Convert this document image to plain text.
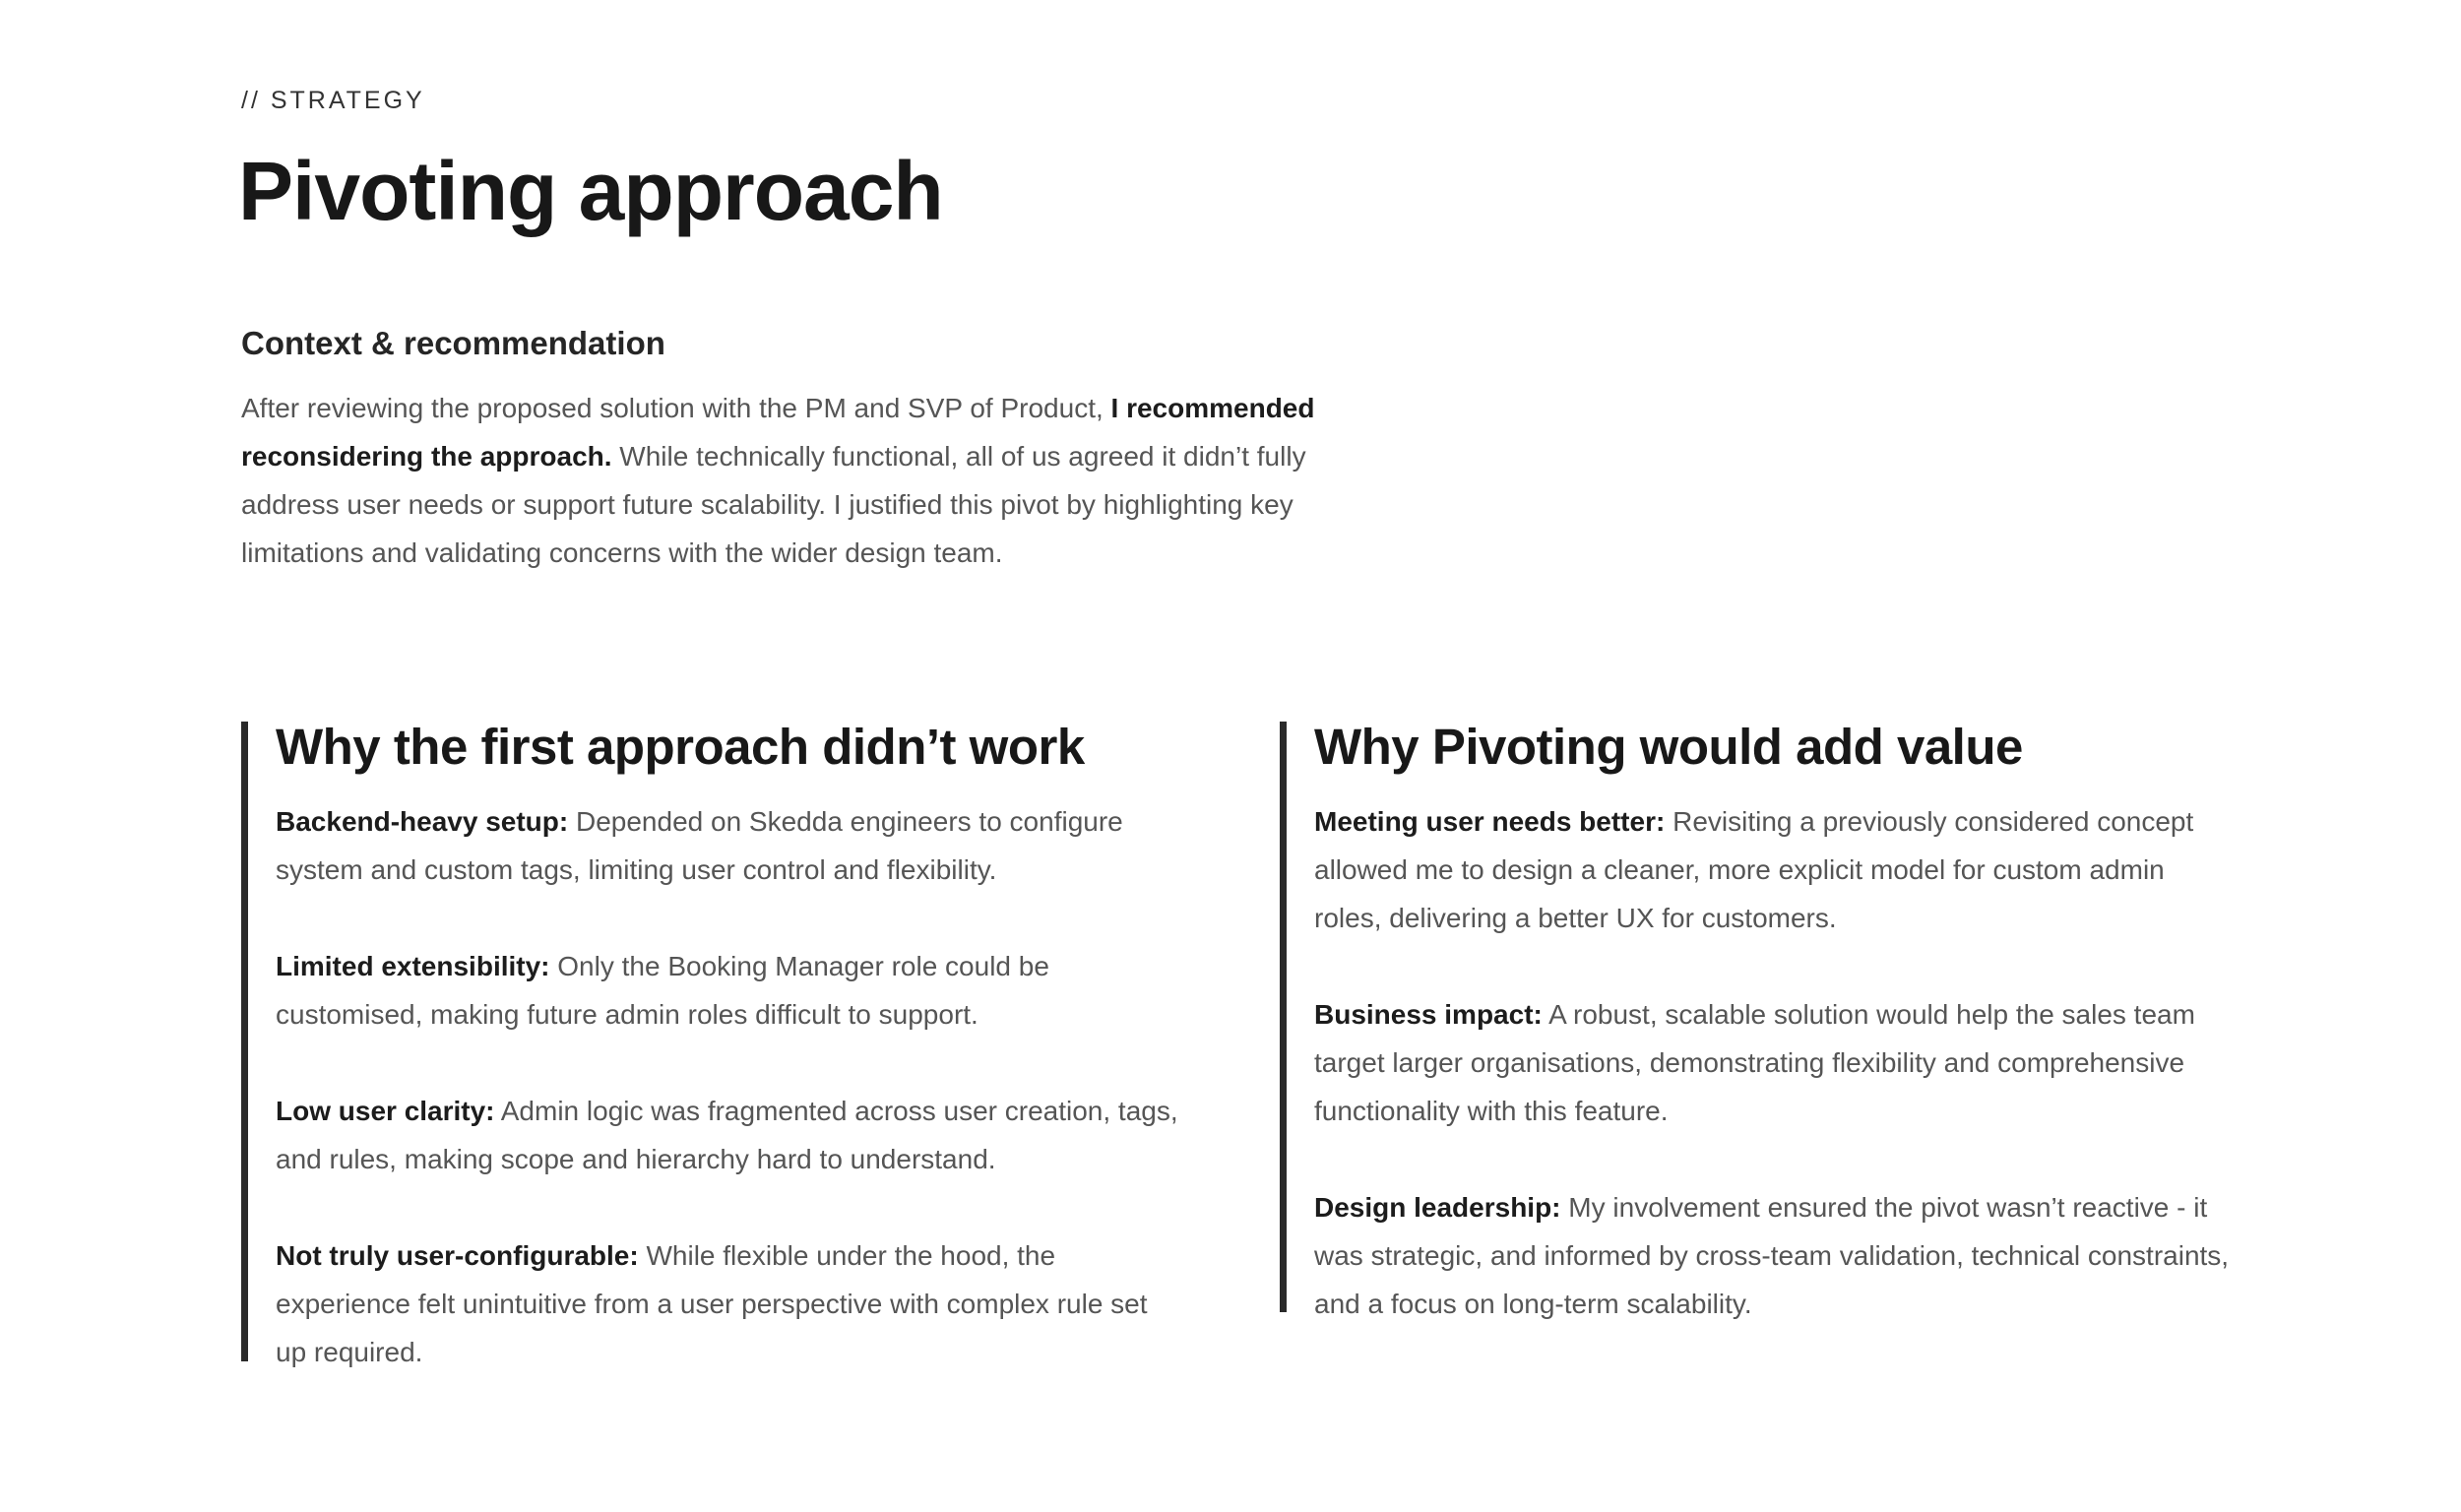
// STRATEGY

Pivoting approach
Context & recommendation

After reviewing the proposed solution with the PM and SVP of Product, I recommended reconsidering the approach. While technically functional, all of us agreed it didn’t fully address user needs or support future scalability. I justified this pivot by highlighting key limitations and validating concerns with the wider design team.

Why the first approach didn’t work

Backend-heavy setup: Depended on Skedda engineers to configure system and custom tags, limiting user control and flexibility.

Limited extensibility: Only the Booking Manager role could be customised, making future admin roles difficult to support.

Low user clarity: Admin logic was fragmented across user creation, tags, and rules, making scope and hierarchy hard to understand.

Not truly user-configurable: While flexible under the hood, the experience felt unintuitive from a user perspective with complex rule set up required.

Why Pivoting would add value

Meeting user needs better: Revisiting a previously considered concept allowed me to design a cleaner, more explicit model for custom admin roles, delivering a better UX for customers.

Business impact: A robust, scalable solution would help the sales team target larger organisations, demonstrating flexibility and comprehensive functionality with this feature.

Design leadership: My involvement ensured the pivot wasn’t reactive - it was strategic, and informed by cross-team validation, technical constraints, and a focus on long-term scalability.
